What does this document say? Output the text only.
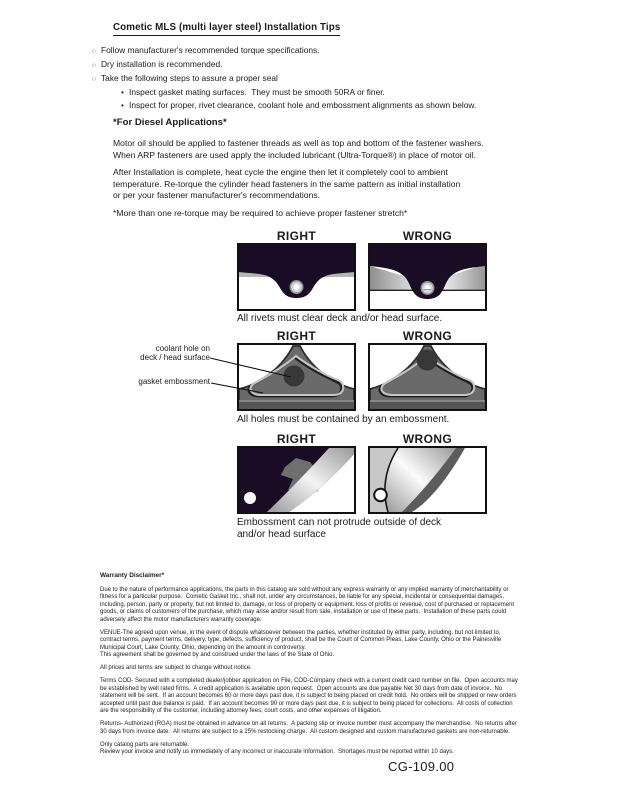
Cometic MLS (multi layer steel) Installation Tips
○ Follow manufacturer's recommended torque specifications.
○ Dry installation is recommended.
○ Take the following steps to assure a proper seal
• Inspect gasket mating surfaces.  They must be smooth 50RA or finer.
• Inspect for proper, rivet clearance, coolant hole and embossment alignments as shown below.
*For Diesel Applications*

Motor oil should be applied to fastener threads as well as top and bottom of the fastener washers.
When ARP fasteners are used apply the included lubricant (Ultra-Torque®) in place of motor oil.

After Installation is complete, heat cycle the engine then let it completely cool to ambient
temperature. Re-torque the cylinder head fasteners in the same pattern as initial installation
or per your fastener manufacturer's recommendations.

*More than one re-torque may be required to achieve proper fastener stretch*

RIGHT	WRONG
All rivets must clear deck and/or head surface.
RIGHT	WRONG
coolant hole on
deck / head surface
gasket embossment
All holes must be contained by an embossment.
RIGHT	WRONG
Embossment can not protrude outside of deck and/or head surface
Warranty Disclaimer*
Due to the nature of performance applications, the parts in this catalog are sold without any express warranty or any implied warranty of merchantability or
fitness for a particular purpose.  Cometic Gasket Inc., shall not, under any circumstances, be liable for any special, incidental or consequential damages,
including, person, party or property, but not limited to, damage, or loss of property or equipment, loss of profits or revenue, cost of purchased or replacement
goods, or claims of customers of the purchase, which may arise and/or result from sale, installation or use of these parts.  Installation of these parts could
adversely affect the motor manufacturers warranty coverage.
VENUE-The agreed upon venue, in the event of dispute whatsoever between the parties, whether instituted by either party, including, but not limited to,
contract terms, payment terms, delivery, type, defects, sufficiency of product, shall be the Court of Common Pleas, Lake County, Ohio or the Painesville
Municipal Court, Lake County, Ohio, depending on the amount in controversy.
This agreement shall be governed by and construed under the laws of the State of Ohio.
All prices and terms are subject to change without notice.
Terms COD- Secured with a completed dealer/jobber application on File, COD-Company check with a current credit card number on file.  Open accounts may
be established by well rated firms.  A credit application is available upon request.  Open accounts are due payable Net 30 days from date of invoice.  No
statement will be sent.  If an account becomes 60 or more days past due, it is subject to being placed on credit hold.  No orders will be shipped or new orders
accepted until past due balance is paid.  If an account becomes 90 or more days past due, it is subject to being placed for collections.  All costs of collection
are the responsibility of the customer, including attorney fees, court costs, and other expenses of litigation.
Returns- Authorized (RGA) must be obtained in advance on all returns.  A packing slip or invoice number must accompany the merchandise.  No returns after
30 days from invoice date.  All returns are subject to a 25% restocking charge.  All custom designed and custom manufactured gaskets are non-returnable.
Only catalog parts are returnable.
Review your invoice and notify us immediately of any incorrect or inaccurate information.  Shortages must be reported within 10 days.
CG-109.00
